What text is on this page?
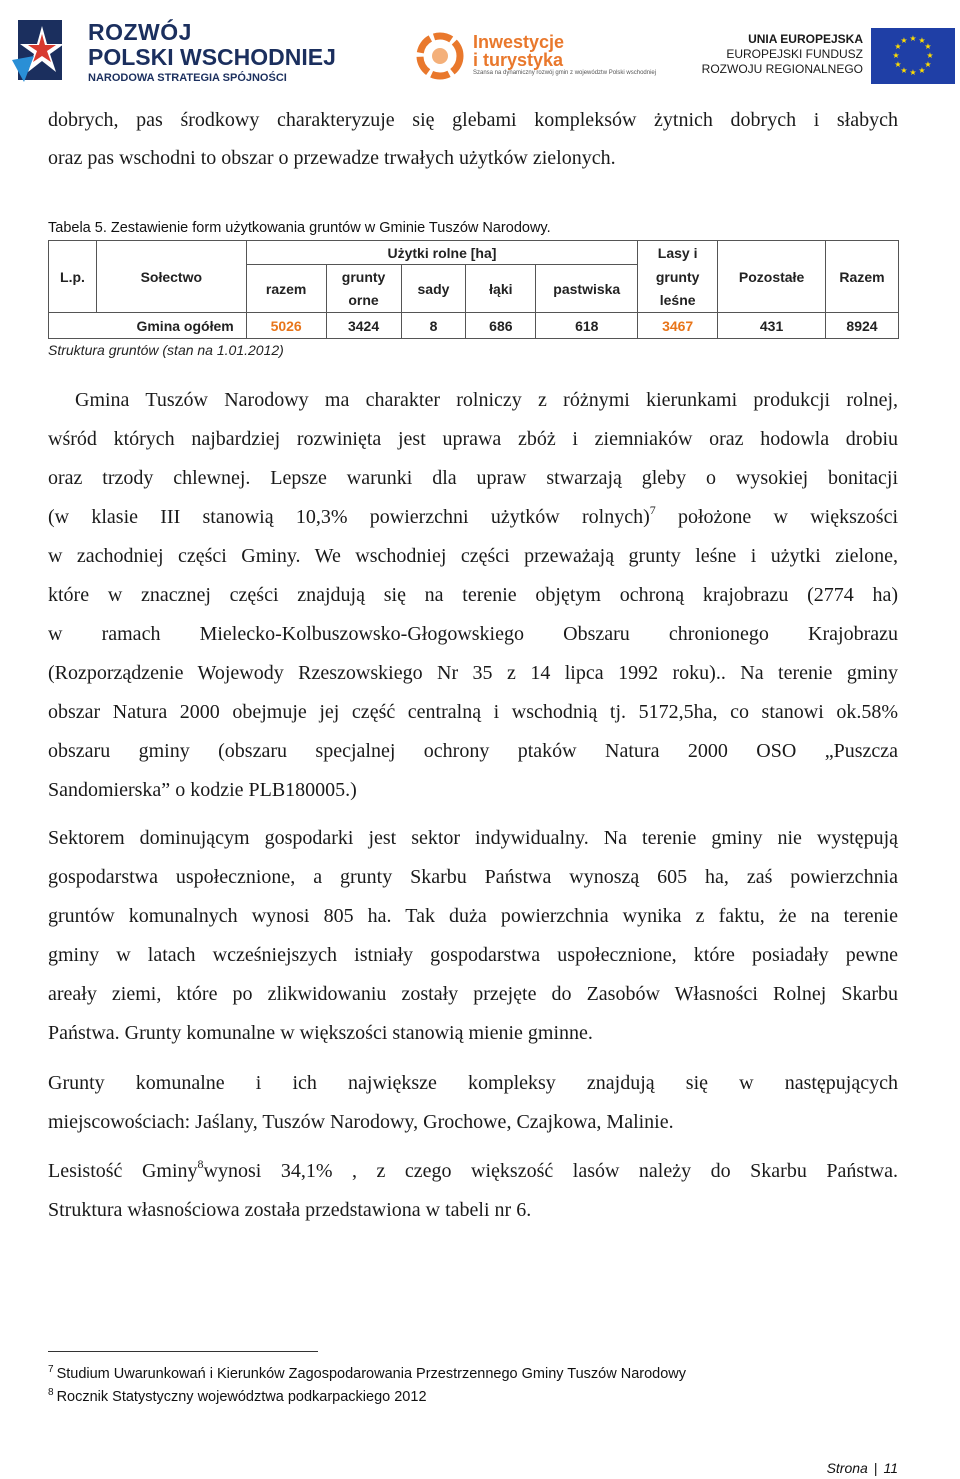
ROZWÓJ
POLSKI WSCHODNIEJ
NARODOWA STRATEGIA SPÓJNOŚCI
Inwestycje
i turystyka
Szansa na dynamiczny rozwój gmin z województw Polski wschodniej
UNIA EUROPEJSKA
EUROPEJSKI FUNDUSZ
ROZWOJU REGIONALNEGO
★ ★
★
★
★
★
★
★
★
★
★
★
dobrych, pas środkowy charakteryzuje się glebami kompleksów żytnich dobrych i słabych
oraz pas wschodni to obszar o przewadze trwałych użytków zielonych.
Tabela 5. Zestawienie form użytkowania gruntów w Gminie Tuszów Narodowy.
L.p.	Sołectwo	Użytki rolne [ha]					Lasy i	Pozostałe	Razem
		razem	grunty	sady	łąki	pastwiska	grunty		
			orne				leśne		
Gmina ogółem		5026	3424	8	686	618	3467	431	8924
Struktura gruntów (stan na 1.01.2012)
Gmina Tuszów Narodowy ma charakter rolniczy z różnymi kierunkami produkcji rolnej,
wśród których najbardziej rozwinięta jest uprawa zbóż i ziemniaków oraz hodowla drobiu
oraz trzody chlewnej. Lepsze warunki dla upraw stwarzają gleby o wysokiej bonitacji
(w klasie III stanowią 10,3% powierzchni użytków rolnych)$^7$ położone w większości
w zachodniej części Gminy. We wschodniej części przeważają grunty leśne i użytki zielone,
które w znacznej części znajdują się na terenie objętym ochroną krajobrazu (2774 ha)
w ramach Mielecko-Kolbuszowsko-Głogowskiego Obszaru chronionego Krajobrazu
(Rozporządzenie Wojewody Rzeszowskiego Nr 35 z 14 lipca 1992 roku).. Na terenie gminy
obszar Natura 2000 obejmuje jej część centralną i wschodnią tj. 5172,5ha, co stanowi ok.58%
obszaru gminy (obszaru specjalnej ochrony ptaków Natura 2000 OSO „Puszcza
Sandomierska” o kodzie PLB180005.)
Sektorem dominującym gospodarki jest sektor indywidualny. Na terenie gminy nie występują
gospodarstwa uspołecznione, a grunty Skarbu Państwa wynoszą 605 ha, zaś powierzchnia
gruntów komunalnych wynosi 805 ha. Tak duża powierzchnia wynika z faktu, że na terenie
gminy w latach wcześniejszych istniały gospodarstwa uspołecznione, które posiadały pewne
areały ziemi, które po zlikwidowaniu zostały przejęte do Zasobów Własności Rolnej Skarbu
Państwa. Grunty komunalne w większości stanowią mienie gminne.
Grunty komunalne i ich największe kompleksy znajdują się w następujących
miejscowościach: Jaślany, Tuszów Narodowy, Grochowe, Czajkowa, Malinie.
Lesistość Gminy$^8$wynosi 34,1% , z czego większość lasów należy do Skarbu Państwa.
Struktura własnościowa została przedstawiona w tabeli nr 6.
$^7$ Studium Uwarunkowań i Kierunków Zagospodarowania Przestrzennego Gminy Tuszów Narodowy
$^8$ Rocznik Statystyczny województwa podkarpackiego 2012
Strona | 11
